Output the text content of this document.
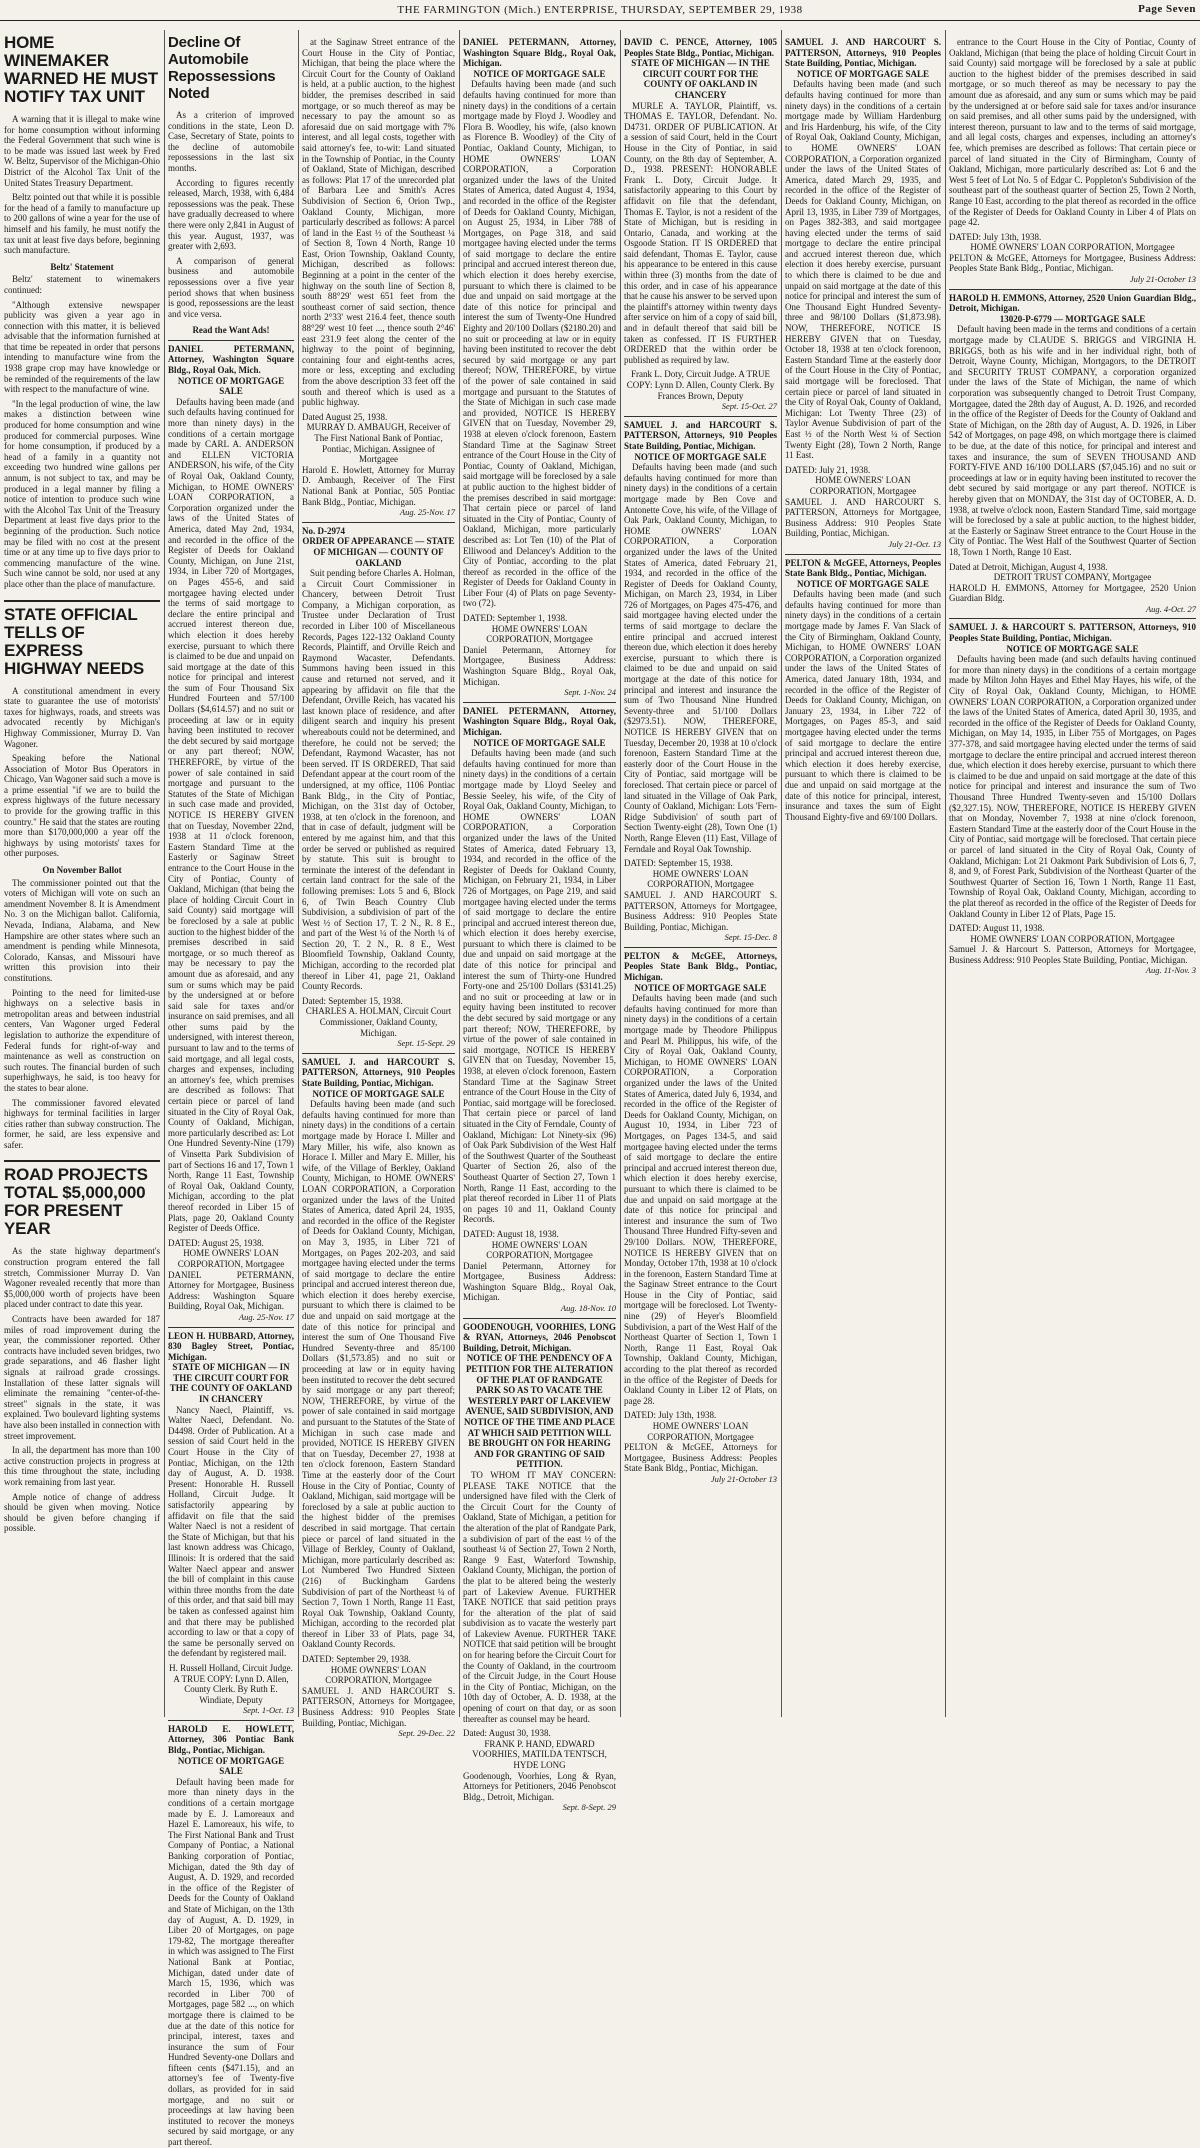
THE FARMINGTON (Mich.) ENTERPRISE, THURSDAY, SEPTEMBER 29, 1938	Page Seven
HOME WINEMAKER WARNED HE MUST NOTIFY TAX UNIT

A warning that it is illegal to make wine for home consumption without informing the Federal Government that such wine is to be made was issued last week by Fred W. Beltz, Supervisor of the Michigan-Ohio District of the Alcohol Tax Unit of the United States Treasury Department.

Beltz pointed out that while it is possible for the head of a family to manufacture up to 200 gallons of wine a year for the use of himself and his family, he must notify the tax unit at least five days before, beginning such manufacture.

Beltz' Statement

Beltz' statement to winemakers continued:

"Although extensive newspaper publicity was given a year ago in connection with this matter, it is believed advisable that the information furnished at that time be repeated in order that persons intending to manufacture wine from the 1938 grape crop may have knowledge or be reminded of the requirements of the law with respect to the manufacture of wine.

"In the legal production of wine, the law makes a distinction between wine produced for home consumption and wine produced for commercial purposes. Wine for home consumption, if produced by a head of a family in a quantity not exceeding two hundred wine gallons per annum, is not subject to tax, and may be produced in a legal manner by filing a notice of intention to produce such wine with the Alcohol Tax Unit of the Treasury Department at least five days prior to the beginning of the production. Such notice may be filed with no cost at the present time or at any time up to five days prior to commencing manufacture of the wine. Such wine cannot be sold, nor used at any place other than the place of manufacture.

STATE OFFICIAL TELLS OF EXPRESS HIGHWAY NEEDS

A constitutional amendment in every state to guarantee the use of motorists' taxes for highways, roads, and streets was advocated recently by Michigan's Highway Commissioner, Murray D. Van Wagoner.

Speaking before the National Association of Motor Bus Operators in Chicago, Van Wagoner said such a move is a prime essential "if we are to build the express highways of the future necessary to provide for the growing traffic in this country." He said that the states are routing more than $170,000,000 a year off the highways by using motorists' taxes for other purposes.

On November Ballot

The commissioner pointed out that the voters of Michigan will vote on such an amendment November 8. It is Amendment No. 3 on the Michigan ballot. California, Nevada, Indiana, Alabama, and New Hampshire are other states where such an amendment is pending while Minnesota, Colorado, Kansas, and Missouri have written this provision into their constitutions.

Pointing to the need for limited-use highways on a selective basis in metropolitan areas and between industrial centers, Van Wagoner urged Federal legislation to authorize the expenditure of Federal funds for right-of-way and maintenance as well as construction on such routes. The financial burden of such superhighways, he said, is too heavy for the states to bear alone.

The commissioner favored elevated highways for terminal facilities in larger cities rather than subway construction. The former, he said, are less expensive and safer.

ROAD PROJECTS TOTAL $5,000,000 FOR PRESENT YEAR

As the state highway department's construction program entered the fall stretch, Commissioner Murray D. Van Wagoner revealed recently that more than $5,000,000 worth of projects have been placed under contract to date this year.

Contracts have been awarded for 187 miles of road improvement during the year, the commissioner reported. Other contracts have included seven bridges, two grade separations, and 46 flasher light signals at railroad grade crossings. Installation of these latter signals will eliminate the remaining "center-of-the-street" signals in the state, it was explained. Two boulevard lighting systems have also been installed in connection with street improvement.

In all, the department has more than 100 active construction projects in progress at this time throughout the state, including work remaining from last year.

Ample notice of change of address should be given when moving. Notice should be given before changing if possible.

Decline Of Automobile Repossessions Noted

As a criterion of improved conditions in the state, Leon D. Case, Secretary of State, points to the decline of automobile repossessions in the last six months.

According to figures recently released, March, 1938, with 6,484 repossessions was the peak. These have gradually decreased to where there were only 2,841 in August of this year. August, 1937, was greater with 2,693.

A comparison of general business and automobile repossessions over a five year period shows that when business is good, repossessions are the least and vice versa.

Read the Want Ads!
DANIEL PETERMANN, Attorney, Washington Square Bldg., Royal Oak, Mich.
NOTICE OF MORTGAGE SALE

Defaults having been made (and such defaults having continued for more than ninety days) in the conditions of a certain mortgage made by CARL A. ANDERSON and ELLEN VICTORIA ANDERSON, his wife, of the City of Royal Oak, Oakland County, Michigan, to HOME OWNERS' LOAN CORPORATION, a Corporation organized under the laws of the United States of America, dated May 2nd, 1934, and recorded in the office of the Register of Deeds for Oakland County, Michigan, on June 21st, 1934, in Liber 720 of Mortgages, on Pages 455-6, and said mortgagee having elected under the terms of said mortgage to declare the entire principal and accrued interest thereon due, which election it does hereby exercise, pursuant to which there is claimed to be due and unpaid on said mortgage at the date of this notice for principal and interest the sum of Four Thousand Six Hundred Fourteen and 57/100 Dollars ($4,614.57) and no suit or proceeding at law or in equity having been instituted to recover the debt secured by said mortgage or any part thereof; NOW, THEREFORE, by virtue of the power of sale contained in said mortgage and pursuant to the Statutes of the State of Michigan in such case made and provided, NOTICE IS HEREBY GIVEN that on Tuesday, November 22nd, 1938 at 11 o'clock forenoon, Eastern Standard Time at the Easterly or Saginaw Street entrance to the Court House in the City of Pontiac, County of Oakland, Michigan (that being the place of holding Circuit Court in said County) said mortgage will be foreclosed by a sale at public auction to the highest bidder of the premises described in said mortgage, or so much thereof as may be necessary to pay the amount due as aforesaid, and any sum or sums which may be paid by the undersigned at or before said sale for taxes and/or insurance on said premises, and all other sums paid by the undersigned, with interest thereon, pursuant to law and to the terms of said mortgage, and all legal costs, charges and expenses, including an attorney's fee, which premises are described as follows: That certain piece or parcel of land situated in the City of Royal Oak, County of Oakland, Michigan, more particularly described as: Lot One Hundred Seventy-Nine (179) of Vinsetta Park Subdivision of part of Sections 16 and 17, Town 1 North, Range 11 East, Township of Royal Oak, Oakland County, Michigan, according to the plat thereof recorded in Liber 15 of Plats, page 20, Oakland County Register of Deeds Office.

DATED: August 25, 1938.
HOME OWNERS' LOAN CORPORATION, Mortgagee
DANIEL PETERMANN, Attorney for Mortgagee, Business Address: Washington Square Building, Royal Oak, Michigan.
Aug. 25-Nov. 17
LEON H. HUBBARD, Attorney, 830 Bagley Street, Pontiac, Michigan.
STATE OF MICHIGAN — IN THE CIRCUIT COURT FOR THE COUNTY OF OAKLAND IN CHANCERY

Nancy Naecl, Plaintiff, vs. Walter Naecl, Defendant. No. D4498. Order of Publication. At a session of said Court held in the Court House in the City of Pontiac, Michigan, on the 12th day of August, A. D. 1938. Present: Honorable H. Russell Holland, Circuit Judge. It satisfactorily appearing by affidavit on file that the said Walter Naecl is not a resident of the State of Michigan, but that his last known address was Chicago, Illinois: It is ordered that the said Walter Naecl appear and answer the bill of complaint in this cause within three months from the date of this order, and that said bill may be taken as confessed against him and that there may be published according to law or that a copy of the same be personally served on the defendant by registered mail.

H. Russell Holland, Circuit Judge. A TRUE COPY: Lynn D. Allen, County Clerk. By Ruth E. Windiate, Deputy
Sept. 1-Oct. 13
HAROLD E. HOWLETT, Attorney, 306 Pontiac Bank Bldg., Pontiac, Michigan.
NOTICE OF MORTGAGE SALE

Default having been made for more than ninety days in the conditions of a certain mortgage made by E. J. Lamoreaux and Hazel E. Lamoreaux, his wife, to The First National Bank and Trust Company of Pontiac, a National Banking corporation of Pontiac, Michigan, dated the 9th day of August, A. D. 1929, and recorded in the office of the Register of Deeds for the County of Oakland and State of Michigan, on the 13th day of August, A. D. 1929, in Liber 20 of Mortgages, on page 179-82, The mortgage thereafter in which was assigned to The First National Bank at Pontiac, Michigan, dated under date of March 15, 1936, which was recorded in Liber 700 of Mortgages, page 582 ..., on which mortgage there is claimed to be due at the date of this notice for principal, interest, taxes and insurance the sum of Four Hundred Seventy-one Dollars and fifteen cents ($471.15), and an attorney's fee of Twenty-five dollars, as provided for in said mortgage, and no suit or proceedings at law having been instituted to recover the moneys secured by said mortgage, or any part thereof.

at the Saginaw Street entrance of the Court House in the City of Pontiac, Michigan, that being the place where the Circuit Court for the County of Oakland is held, at a public auction, to the highest bidder, the premises described in said mortgage, or so much thereof as may be necessary to pay the amount so as aforesaid due on said mortgage with 7% interest, and all legal costs, together with said attorney's fee, to-wit: Land situated in the Township of Pontiac, in the County of Oakland, State of Michigan, described as follows: Plat 17 of the unrecorded plat of Barbara Lee and Smith's Acres Subdivision of Section 6, Orion Twp., Oakland County, Michigan, more particularly described as follows: A parcel of land in the East ½ of the Southeast ¼ of Section 8, Town 4 North, Range 10 East, Orion Township, Oakland County, Michigan, described as follows: Beginning at a point in the center of the highway on the south line of Section 8, south 88°29' west 651 feet from the southeast corner of said section, thence north 2°33' west 216.4 feet, thence south 88°29' west 10 feet ..., thence south 2°46' east 231.9 feet along the center of the highway to the point of beginning, containing four and eight-tenths acres, more or less, excepting and excluding from the above description 33 feet off the south and thereof which is used as a public highway.

Dated August 25, 1938.
MURRAY D. AMBAUGH, Receiver of The First National Bank of Pontiac, Pontiac, Michigan. Assignee of Mortgagee
Harold E. Howlett, Attorney for Murray D. Ambaugh, Receiver of The First National Bank at Pontiac, 505 Pontiac Bank Bldg., Pontiac, Michigan.
Aug. 25-Nov. 17
No. D-2974
ORDER OF APPEARANCE — STATE OF MICHIGAN — COUNTY OF OAKLAND

Suit pending before Charles A. Holman, a Circuit Court Commissioner in Chancery, between Detroit Trust Company, a Michigan corporation, as Trustee under Declaration of Trust recorded in Liber 100 of Miscellaneous Records, Pages 122-132 Oakland County Records, Plaintiff, and Orville Reich and Raymond Wacaster, Defendants. Summons having been issued in this cause and returned not served, and it appearing by affidavit on file that the Defendant, Orville Reich, has vacated his last known place of residence, and after diligent search and inquiry his present whereabouts could not be determined, and therefore, he could not be served; the Defendant, Raymond Wacaster, has not been served. IT IS ORDERED, That said Defendant appear at the court room of the undersigned, at my office, 1106 Pontiac Bank Bldg., in the City of Pontiac, Michigan, on the 31st day of October, 1938, at ten o'clock in the forenoon, and that in case of default, judgment will be entered by me against him, and that this order be served or published as required by statute. This suit is brought to terminate the interest of the defendant in certain land contract for the sale of the following premises: Lots 5 and 6, Block 6, of Twin Beach Country Club Subdivision, a subdivision of part of the West ½ of Section 17, T. 2 N., R. 8 E., and part of the West ¼ of the North ¼ of Section 20, T. 2 N., R. 8 E., West Bloomfield Township, Oakland County, Michigan, according to the recorded plat thereof in Liber 41, page 21, Oakland County Records.

Dated: September 15, 1938.
CHARLES A. HOLMAN, Circuit Court Commissioner, Oakland County, Michigan.
Sept. 15-Sept. 29
SAMUEL J. and HARCOURT S. PATTERSON, Attorneys, 910 Peoples State Building, Pontiac, Michigan.
NOTICE OF MORTGAGE SALE

Defaults having been made (and such defaults having continued for more than ninety days) in the conditions of a certain mortgage made by Horace I. Miller and Mary Miller, his wife, also known as Horace I. Miller and Mary E. Miller, his wife, of the Village of Berkley, Oakland County, Michigan, to HOME OWNERS' LOAN CORPORATION, a Corporation organized under the laws of the United States of America, dated April 24, 1935, and recorded in the office of the Register of Deeds for Oakland County, Michigan, on May 3, 1935, in Liber 721 of Mortgages, on Pages 202-203, and said mortgagee having elected under the terms of said mortgage to declare the entire principal and accrued interest thereon due, which election it does hereby exercise, pursuant to which there is claimed to be due and unpaid on said mortgage at the date of this notice for principal and interest the sum of One Thousand Five Hundred Seventy-three and 85/100 Dollars ($1,573.85) and no suit or proceeding at law or in equity having been instituted to recover the debt secured by said mortgage or any part thereof; NOW, THEREFORE, by virtue of the power of sale contained in said mortgage and pursuant to the Statutes of the State of Michigan in such case made and provided, NOTICE IS HEREBY GIVEN that on Tuesday, December 27, 1938 at ten o'clock forenoon, Eastern Standard Time at the easterly door of the Court House in the City of Pontiac, County of Oakland, Michigan, said mortgage will be foreclosed by a sale at public auction to the highest bidder of the premises described in said mortgage. That certain piece or parcel of land situated in the Village of Berkley, County of Oakland, Michigan, more particularly described as: Lot Numbered Two Hundred Sixteen (216) of Buckingham Gardens Subdivision of part of the Northeast ¼ of Section 7, Town 1 North, Range 11 East, Royal Oak Township, Oakland County, Michigan, according to the recorded plat thereof in Liber 33 of Plats, page 34, Oakland County Records.

DATED: September 29, 1938.
HOME OWNERS' LOAN CORPORATION, Mortgagee
SAMUEL J. AND HARCOURT S. PATTERSON, Attorneys for Mortgagee, Business Address: 910 Peoples State Building, Pontiac, Michigan.
Sept. 29-Dec. 22
DANIEL PETERMANN, Attorney, Washington Square Bldg., Royal Oak, Michigan.
NOTICE OF MORTGAGE SALE

Defaults having been made (and such defaults having continued for more than ninety days) in the conditions of a certain mortgage made by Floyd J. Woodley and Flora B. Woodley, his wife, (also known as Florence B. Woodley) of the City of Pontiac, Oakland County, Michigan, to HOME OWNERS' LOAN CORPORATION, a Corporation organized under the laws of the United States of America, dated August 4, 1934, and recorded in the office of the Register of Deeds for Oakland County, Michigan, on August 25, 1934, in Liber 788 of Mortgages, on Page 318, and said mortgagee having elected under the terms of said mortgage to declare the entire principal and accrued interest thereon due, which election it does hereby exercise, pursuant to which there is claimed to be due and unpaid on said mortgage at the date of this notice for principal and interest the sum of Twenty-One Hundred Eighty and 20/100 Dollars ($2180.20) and no suit or proceeding at law or in equity having been instituted to recover the debt secured by said mortgage or any part thereof; NOW, THEREFORE, by virtue of the power of sale contained in said mortgage and pursuant to the Statutes of the State of Michigan in such case made and provided, NOTICE IS HEREBY GIVEN that on Tuesday, November 29, 1938 at eleven o'clock forenoon, Eastern Standard Time at the Saginaw Street entrance of the Court House in the City of Pontiac, County of Oakland, Michigan, said mortgage will be foreclosed by a sale at public auction to the highest bidder of the premises described in said mortgage: That certain piece or parcel of land situated in the City of Pontiac, County of Oakland, Michigan, more particularly described as: Lot Ten (10) of the Plat of Elliwood and Delancey's Addition to the City of Pontiac, according to the plat thereof as recorded in the office of the Register of Deeds for Oakland County in Liber Four (4) of Plats on page Seventy-two (72).

DATED: September 1, 1938.
HOME OWNERS' LOAN CORPORATION, Mortgagee
Daniel Petermann, Attorney for Mortgagee, Business Address: Washington Square Bldg., Royal Oak, Michigan.
Sept. 1-Nov. 24
DANIEL PETERMANN, Attorney, Washington Square Bldg., Royal Oak, Michigan.
NOTICE OF MORTGAGE SALE

Defaults having been made (and such defaults having continued for more than ninety days) in the conditions of a certain mortgage made by Lloyd Seeley and Bessie Seeley, his wife, of the City of Royal Oak, Oakland County, Michigan, to HOME OWNERS' LOAN CORPORATION, a Corporation organized under the laws of the United States of America, dated February 13, 1934, and recorded in the office of the Register of Deeds for Oakland County, Michigan, on February 21, 1934, in Liber 726 of Mortgages, on Page 219, and said mortgagee having elected under the terms of said mortgage to declare the entire principal and accrued interest thereon due, which election it does hereby exercise, pursuant to which there is claimed to be due and unpaid on said mortgage at the date of this notice for principal and interest the sum of Thirty-one Hundred Forty-one and 25/100 Dollars ($3141.25) and no suit or proceeding at law or in equity having been instituted to recover the debt secured by said mortgage or any part thereof; NOW, THEREFORE, by virtue of the power of sale contained in said mortgage, NOTICE IS HEREBY GIVEN that on Tuesday, November 15, 1938, at eleven o'clock forenoon, Eastern Standard Time at the Saginaw Street entrance of the Court House in the City of Pontiac, said mortgage will be foreclosed. That certain piece or parcel of land situated in the City of Ferndale, County of Oakland, Michigan: Lot Ninety-six (96) of Oak Park Subdivision of the West Half of the Southwest Quarter of the Southeast Quarter of Section 26, also of the Southeast Quarter of Section 27, Town 1 North, Range 11 East, according to the plat thereof recorded in Liber 11 of Plats on pages 10 and 11, Oakland County Records.

DATED: August 18, 1938.
HOME OWNERS' LOAN CORPORATION, Mortgagee
Daniel Petermann, Attorney for Mortgagee, Business Address: Washington Square Bldg., Royal Oak, Michigan.
Aug. 18-Nov. 10
GOODENOUGH, VOORHIES, LONG & RYAN, Attorneys, 2046 Penobscot Building, Detroit, Michigan.
NOTICE OF THE PENDENCY OF A PETITION FOR THE ALTERATION OF THE PLAT OF RANDGATE PARK SO AS TO VACATE THE WESTERLY PART OF LAKEVIEW AVENUE, SAID SUBDIVISION, AND NOTICE OF THE TIME AND PLACE AT WHICH SAID PETITION WILL BE BROUGHT ON FOR HEARING AND FOR GRANTING OF SAID PETITION.

TO WHOM IT MAY CONCERN: PLEASE TAKE NOTICE that the undersigned have filed with the Clerk of the Circuit Court for the County of Oakland, State of Michigan, a petition for the alteration of the plat of Randgate Park, a subdivision of part of the east ½ of the southeast ¼ of Section 27, Town 2 North, Range 9 East, Waterford Township, Oakland County, Michigan, the portion of the plat to be altered being the westerly part of Lakeview Avenue. FURTHER TAKE NOTICE that said petition prays for the alteration of the plat of said subdivision as to vacate the westerly part of Lakeview Avenue. FURTHER TAKE NOTICE that said petition will be brought on for hearing before the Circuit Court for the County of Oakland, in the courtroom of the Circuit Judge, in the Court House in the City of Pontiac, Michigan, on the 10th day of October, A. D. 1938, at the opening of court on that day, or as soon thereafter as counsel may be heard.

Dated: August 30, 1938.
FRANK P. HAND, EDWARD VOORHIES, MATILDA TENTSCH, HYDE LONG
Goodenough, Voorhies, Long & Ryan, Attorneys for Petitioners, 2046 Penobscot Bldg., Detroit, Michigan.
Sept. 8-Sept. 29
DAVID C. PENCE, Attorney, 1005 Peoples State Bldg., Pontiac, Michigan.
STATE OF MICHIGAN — IN THE CIRCUIT COURT FOR THE COUNTY OF OAKLAND IN CHANCERY

MURLE A. TAYLOR, Plaintiff, vs. THOMAS E. TAYLOR, Defendant. No. D4731. ORDER OF PUBLICATION. At a session of said Court, held in the Court House in the City of Pontiac, in said County, on the 8th day of September, A. D., 1938. PRESENT: HONORABLE Frank L. Doty, Circuit Judge. It satisfactorily appearing to this Court by affidavit on file that the defendant, Thomas E. Taylor, is not a resident of the State of Michigan, but is residing in Ontario, Canada, and working at the Osgoode Station. IT IS ORDERED that said defendant, Thomas E. Taylor, cause his appearance to be entered in this cause within three (3) months from the date of this order, and in case of his appearance that he cause his answer to be served upon the plaintiff's attorney within twenty days after service on him of a copy of said bill, and in default thereof that said bill be taken as confessed. IT IS FURTHER ORDERED that the within order be published as required by law.

Frank L. Doty, Circuit Judge. A TRUE COPY: Lynn D. Allen, County Clerk. By Frances Brown, Deputy
Sept. 15-Oct. 27
SAMUEL J. and HARCOURT S. PATTERSON, Attorneys, 910 Peoples State Building, Pontiac, Michigan.
NOTICE OF MORTGAGE SALE

Defaults having been made (and such defaults having continued for more than ninety days) in the conditions of a certain mortgage made by Ben Cove and Antonette Cove, his wife, of the Village of Oak Park, Oakland County, Michigan, to HOME OWNERS' LOAN CORPORATION, a Corporation organized under the laws of the United States of America, dated February 21, 1934, and recorded in the office of the Register of Deeds for Oakland County, Michigan, on March 23, 1934, in Liber 726 of Mortgages, on Pages 475-476, and said mortgagee having elected under the terms of said mortgage to declare the entire principal and accrued interest thereon due, which election it does hereby exercise, pursuant to which there is claimed to be due and unpaid on said mortgage at the date of this notice for principal and interest and insurance the sum of Two Thousand Nine Hundred Seventy-three and 51/100 Dollars ($2973.51). NOW, THEREFORE, NOTICE IS HEREBY GIVEN that on Tuesday, December 20, 1938 at 10 o'clock forenoon, Eastern Standard Time at the easterly door of the Court House in the City of Pontiac, said mortgage will be foreclosed. That certain piece or parcel of land situated in the Village of Oak Park, County of Oakland, Michigan: Lots 'Fern-Ridge Subdivision' of south part of Section Twenty-eight (28), Town One (1) North, Range Eleven (11) East, Village of Ferndale and Royal Oak Township.

DATED: September 15, 1938.
HOME OWNERS' LOAN CORPORATION, Mortgagee
SAMUEL J. AND HARCOURT S. PATTERSON, Attorneys for Mortgagee, Business Address: 910 Peoples State Building, Pontiac, Michigan.
Sept. 15-Dec. 8
PELTON & McGEE, Attorneys, Peoples State Bank Bldg., Pontiac, Michigan.
NOTICE OF MORTGAGE SALE

Defaults having been made (and such defaults having continued for more than ninety days) in the conditions of a certain mortgage made by Theodore Philippus and Pearl M. Philippus, his wife, of the City of Royal Oak, Oakland County, Michigan, to HOME OWNERS' LOAN CORPORATION, a Corporation organized under the laws of the United States of America, dated July 6, 1934, and recorded in the office of the Register of Deeds for Oakland County, Michigan, on August 10, 1934, in Liber 723 of Mortgages, on Pages 134-5, and said mortgagee having elected under the terms of said mortgage to declare the entire principal and accrued interest thereon due, which election it does hereby exercise, pursuant to which there is claimed to be due and unpaid on said mortgage at the date of this notice for principal and interest and insurance the sum of Two Thousand Three Hundred Fifty-seven and 29/100 Dollars. NOW, THEREFORE, NOTICE IS HEREBY GIVEN that on Monday, October 17th, 1938 at 10 o'clock in the forenoon, Eastern Standard Time at the Saginaw Street entrance to the Court House in the City of Pontiac, said mortgage will be foreclosed. Lot Twenty-nine (29) of Heyer's Bloomfield Subdivision, a part of the West Half of the Northeast Quarter of Section 1, Town 1 North, Range 11 East, Royal Oak Township, Oakland County, Michigan, according to the plat thereof as recorded in the office of the Register of Deeds for Oakland County in Liber 12 of Plats, on page 28.

DATED: July 13th, 1938.
HOME OWNERS' LOAN CORPORATION, Mortgagee
PELTON & McGEE, Attorneys for Mortgagee, Business Address: Peoples State Bank Bldg., Pontiac, Michigan.
July 21-October 13
SAMUEL J. AND HARCOURT S. PATTERSON, Attorneys, 910 Peoples State Building, Pontiac, Michigan.
NOTICE OF MORTGAGE SALE

Defaults having been made (and such defaults having continued for more than ninety days) in the conditions of a certain mortgage made by William Hardenburg and Iris Hardenburg, his wife, of the City of Royal Oak, Oakland County, Michigan, to HOME OWNERS' LOAN CORPORATION, a Corporation organized under the laws of the United States of America, dated March 29, 1935, and recorded in the office of the Register of Deeds for Oakland County, Michigan, on April 13, 1935, in Liber 739 of Mortgages, on Pages 382-383, and said mortgagee having elected under the terms of said mortgage to declare the entire principal and accrued interest thereon due, which election it does hereby exercise, pursuant to which there is claimed to be due and unpaid on said mortgage at the date of this notice for principal and interest the sum of One Thousand Eight Hundred Seventy-three and 98/100 Dollars ($1,873.98). NOW, THEREFORE, NOTICE IS HEREBY GIVEN that on Tuesday, October 18, 1938 at ten o'clock forenoon, Eastern Standard Time at the easterly door of the Court House in the City of Pontiac, said mortgage will be foreclosed. That certain piece or parcel of land situated in the City of Royal Oak, County of Oakland, Michigan: Lot Twenty Three (23) of Taylor Avenue Subdivision of part of the East ½ of the North West ¼ of Section Twenty Eight (28), Town 2 North, Range 11 East.

DATED: July 21, 1938.
HOME OWNERS' LOAN CORPORATION, Mortgagee
SAMUEL J. AND HARCOURT S. PATTERSON, Attorneys for Mortgagee, Business Address: 910 Peoples State Building, Pontiac, Michigan.
July 21-Oct. 13
PELTON & McGEE, Attorneys, Peoples State Bank Bldg., Pontiac, Michigan.
NOTICE OF MORTGAGE SALE

Defaults having been made (and such defaults having continued for more than ninety days) in the conditions of a certain mortgage made by James F. Van Slack of the City of Birmingham, Oakland County, Michigan, to HOME OWNERS' LOAN CORPORATION, a Corporation organized under the laws of the United States of America, dated January 18th, 1934, and recorded in the office of the Register of Deeds for Oakland County, Michigan, on January 23, 1934, in Liber 722 of Mortgages, on Pages 85-3, and said mortgagee having elected under the terms of said mortgage to declare the entire principal and accrued interest thereon due, which election it does hereby exercise, pursuant to which there is claimed to be due and unpaid on said mortgage at the date of this notice for principal, interest, insurance and taxes the sum of Eight Thousand Eighty-five and 69/100 Dollars.

entrance to the Court House in the City of Pontiac, County of Oakland, Michigan (that being the place of holding Circuit Court in said County) said mortgage will be foreclosed by a sale at public auction to the highest bidder of the premises described in said mortgage, or so much thereof as may be necessary to pay the amount due as aforesaid, and any sum or sums which may be paid by the undersigned at or before said sale for taxes and/or insurance on said premises, and all other sums paid by the undersigned, with interest thereon, pursuant to law and to the terms of said mortgage, and all legal costs, charges and expenses, including an attorney's fee, which premises are described as follows: That certain piece or parcel of land situated in the City of Birmingham, County of Oakland, Michigan, more particularly described as: Lot 6 and the West 5 feet of Lot No. 5 of Edgar C. Poppleton's Subdivision of the southeast part of the southeast quarter of Section 25, Town 2 North, Range 10 East, according to the plat thereof as recorded in the office of the Register of Deeds for Oakland County in Liber 4 of Plats on page 42.

DATED: July 13th, 1938.
HOME OWNERS' LOAN CORPORATION, Mortgagee
PELTON & McGEE, Attorneys for Mortgagee, Business Address: Peoples State Bank Bldg., Pontiac, Michigan.
July 21-October 13
HAROLD H. EMMONS, Attorney, 2520 Union Guardian Bldg., Detroit, Michigan.
13020-P-6779 — MORTGAGE SALE

Default having been made in the terms and conditions of a certain mortgage made by CLAUDE S. BRIGGS and VIRGINIA H. BRIGGS, both as his wife and in her individual right, both of Detroit, Wayne County, Michigan, Mortgagors, to the DETROIT and SECURITY TRUST COMPANY, a corporation organized under the laws of the State of Michigan, the name of which corporation was subsequently changed to Detroit Trust Company, Mortgagee, dated the 28th day of August, A. D. 1926, and recorded in the office of the Register of Deeds for the County of Oakland and State of Michigan, on the 28th day of August, A. D. 1926, in Liber 542 of Mortgages, on page 498, on which mortgage there is claimed to be due, at the date of this notice, for principal and interest and taxes and insurance, the sum of SEVEN THOUSAND AND FORTY-FIVE AND 16/100 DOLLARS ($7,045.16) and no suit or proceedings at law or in equity having been instituted to recover the debt secured by said mortgage or any part thereof. NOTICE is hereby given that on MONDAY, the 31st day of OCTOBER, A. D. 1938, at twelve o'clock noon, Eastern Standard Time, said mortgage will be foreclosed by a sale at public auction, to the highest bidder, at the Easterly or Saginaw Street entrance to the Court House in the City of Pontiac. The West Half of the Southwest Quarter of Section 18, Town 1 North, Range 10 East.

Dated at Detroit, Michigan, August 4, 1938.
DETROIT TRUST COMPANY, Mortgagee
HAROLD H. EMMONS, Attorney for Mortgagee, 2520 Union Guardian Bldg.
Aug. 4-Oct. 27
SAMUEL J. & HARCOURT S. PATTERSON, Attorneys, 910 Peoples State Building, Pontiac, Michigan.
NOTICE OF MORTGAGE SALE

Defaults having been made (and such defaults having continued for more than ninety days) in the conditions of a certain mortgage made by Milton John Hayes and Ethel May Hayes, his wife, of the City of Royal Oak, Oakland County, Michigan, to HOME OWNERS' LOAN CORPORATION, a Corporation organized under the laws of the United States of America, dated April 30, 1935, and recorded in the office of the Register of Deeds for Oakland County, Michigan, on May 14, 1935, in Liber 755 of Mortgages, on Pages 377-378, and said mortgagee having elected under the terms of said mortgage to declare the entire principal and accrued interest thereon due, which election it does hereby exercise, pursuant to which there is claimed to be due and unpaid on said mortgage at the date of this notice for principal and interest and insurance the sum of Two Thousand Three Hundred Twenty-seven and 15/100 Dollars ($2,327.15). NOW, THEREFORE, NOTICE IS HEREBY GIVEN that on Monday, November 7, 1938 at nine o'clock forenoon, Eastern Standard Time at the easterly door of the Court House in the City of Pontiac, said mortgage will be foreclosed. That certain piece or parcel of land situated in the City of Royal Oak, County of Oakland, Michigan: Lot 21 Oakmont Park Subdivision of Lots 6, 7, 8, and 9, of Forest Park, Subdivision of the Northeast Quarter of the Southwest Quarter of Section 16, Town 1 North, Range 11 East, Township of Royal Oak, Oakland County, Michigan, according to the plat thereof as recorded in the office of the Register of Deeds for Oakland County in Liber 12 of Plats, Page 15.

DATED: August 11, 1938.
HOME OWNERS' LOAN CORPORATION, Mortgagee
Samuel J. & Harcourt S. Patterson, Attorneys for Mortgagee, Business Address: 910 Peoples State Building, Pontiac, Michigan.
Aug. 11-Nov. 3
